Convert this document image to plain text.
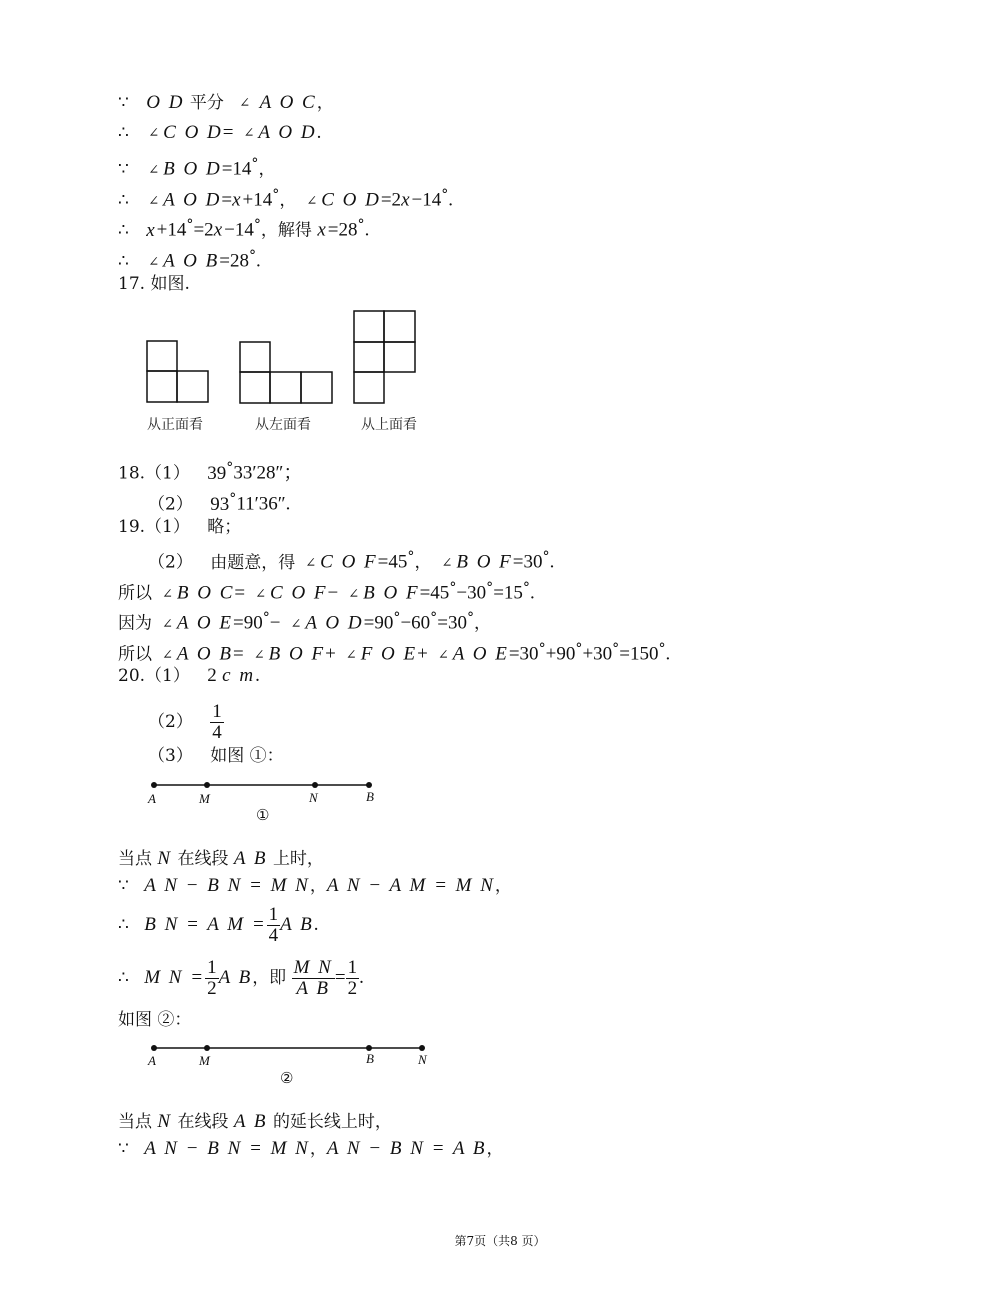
∵ O D 平分 ∠ A O C，
∴ ∠ C O D= ∠ A O D.
∵ ∠ B O D=14°，
∴ ∠ A O D=x+14°， ∠ C O D=2x−14°.
∴ x+14°=2x−14°，解得 x=28°.
∴ ∠ A O B=28°.
17. 如图.
从正面看	从左面看	从上面看
18.（1） 39°33′28″；
（2） 93°11′36″.
19.（1） 略；
（2） 由题意，得 ∠ C O F=45°， ∠ B O F=30°.
所以 ∠ B O C= ∠ C O F− ∠ B O F=45°−30°=15°.
因为 ∠ A O E=90°− ∠ A O D=90°−60°=30°，
所以 ∠ A O B= ∠ B O F+ ∠ F O E+ ∠ A O E=30°+90°+30°=150°.
20.（1） 2 c m.
$(2) \frac{1}{4}$
（3） 如图 ①：
A	M	N	B
①
当点 N 在线段 A B 上时，
∵ A N − B N = M N，A N − A M = M N，
∴ B N = A $M = \frac{1}{4}$ A B.
∴ M $N = \frac{1}{2}$ A B，即 $\frac{\text{M N}}{\text{A B}} = \frac{1}{2}$ .
如图 ②：
A	M	B	N
②
当点 N 在线段 A B 的延长线上时，
∵ A N − B N = M N，A N − B N = A B，
第7页（共8 页）
